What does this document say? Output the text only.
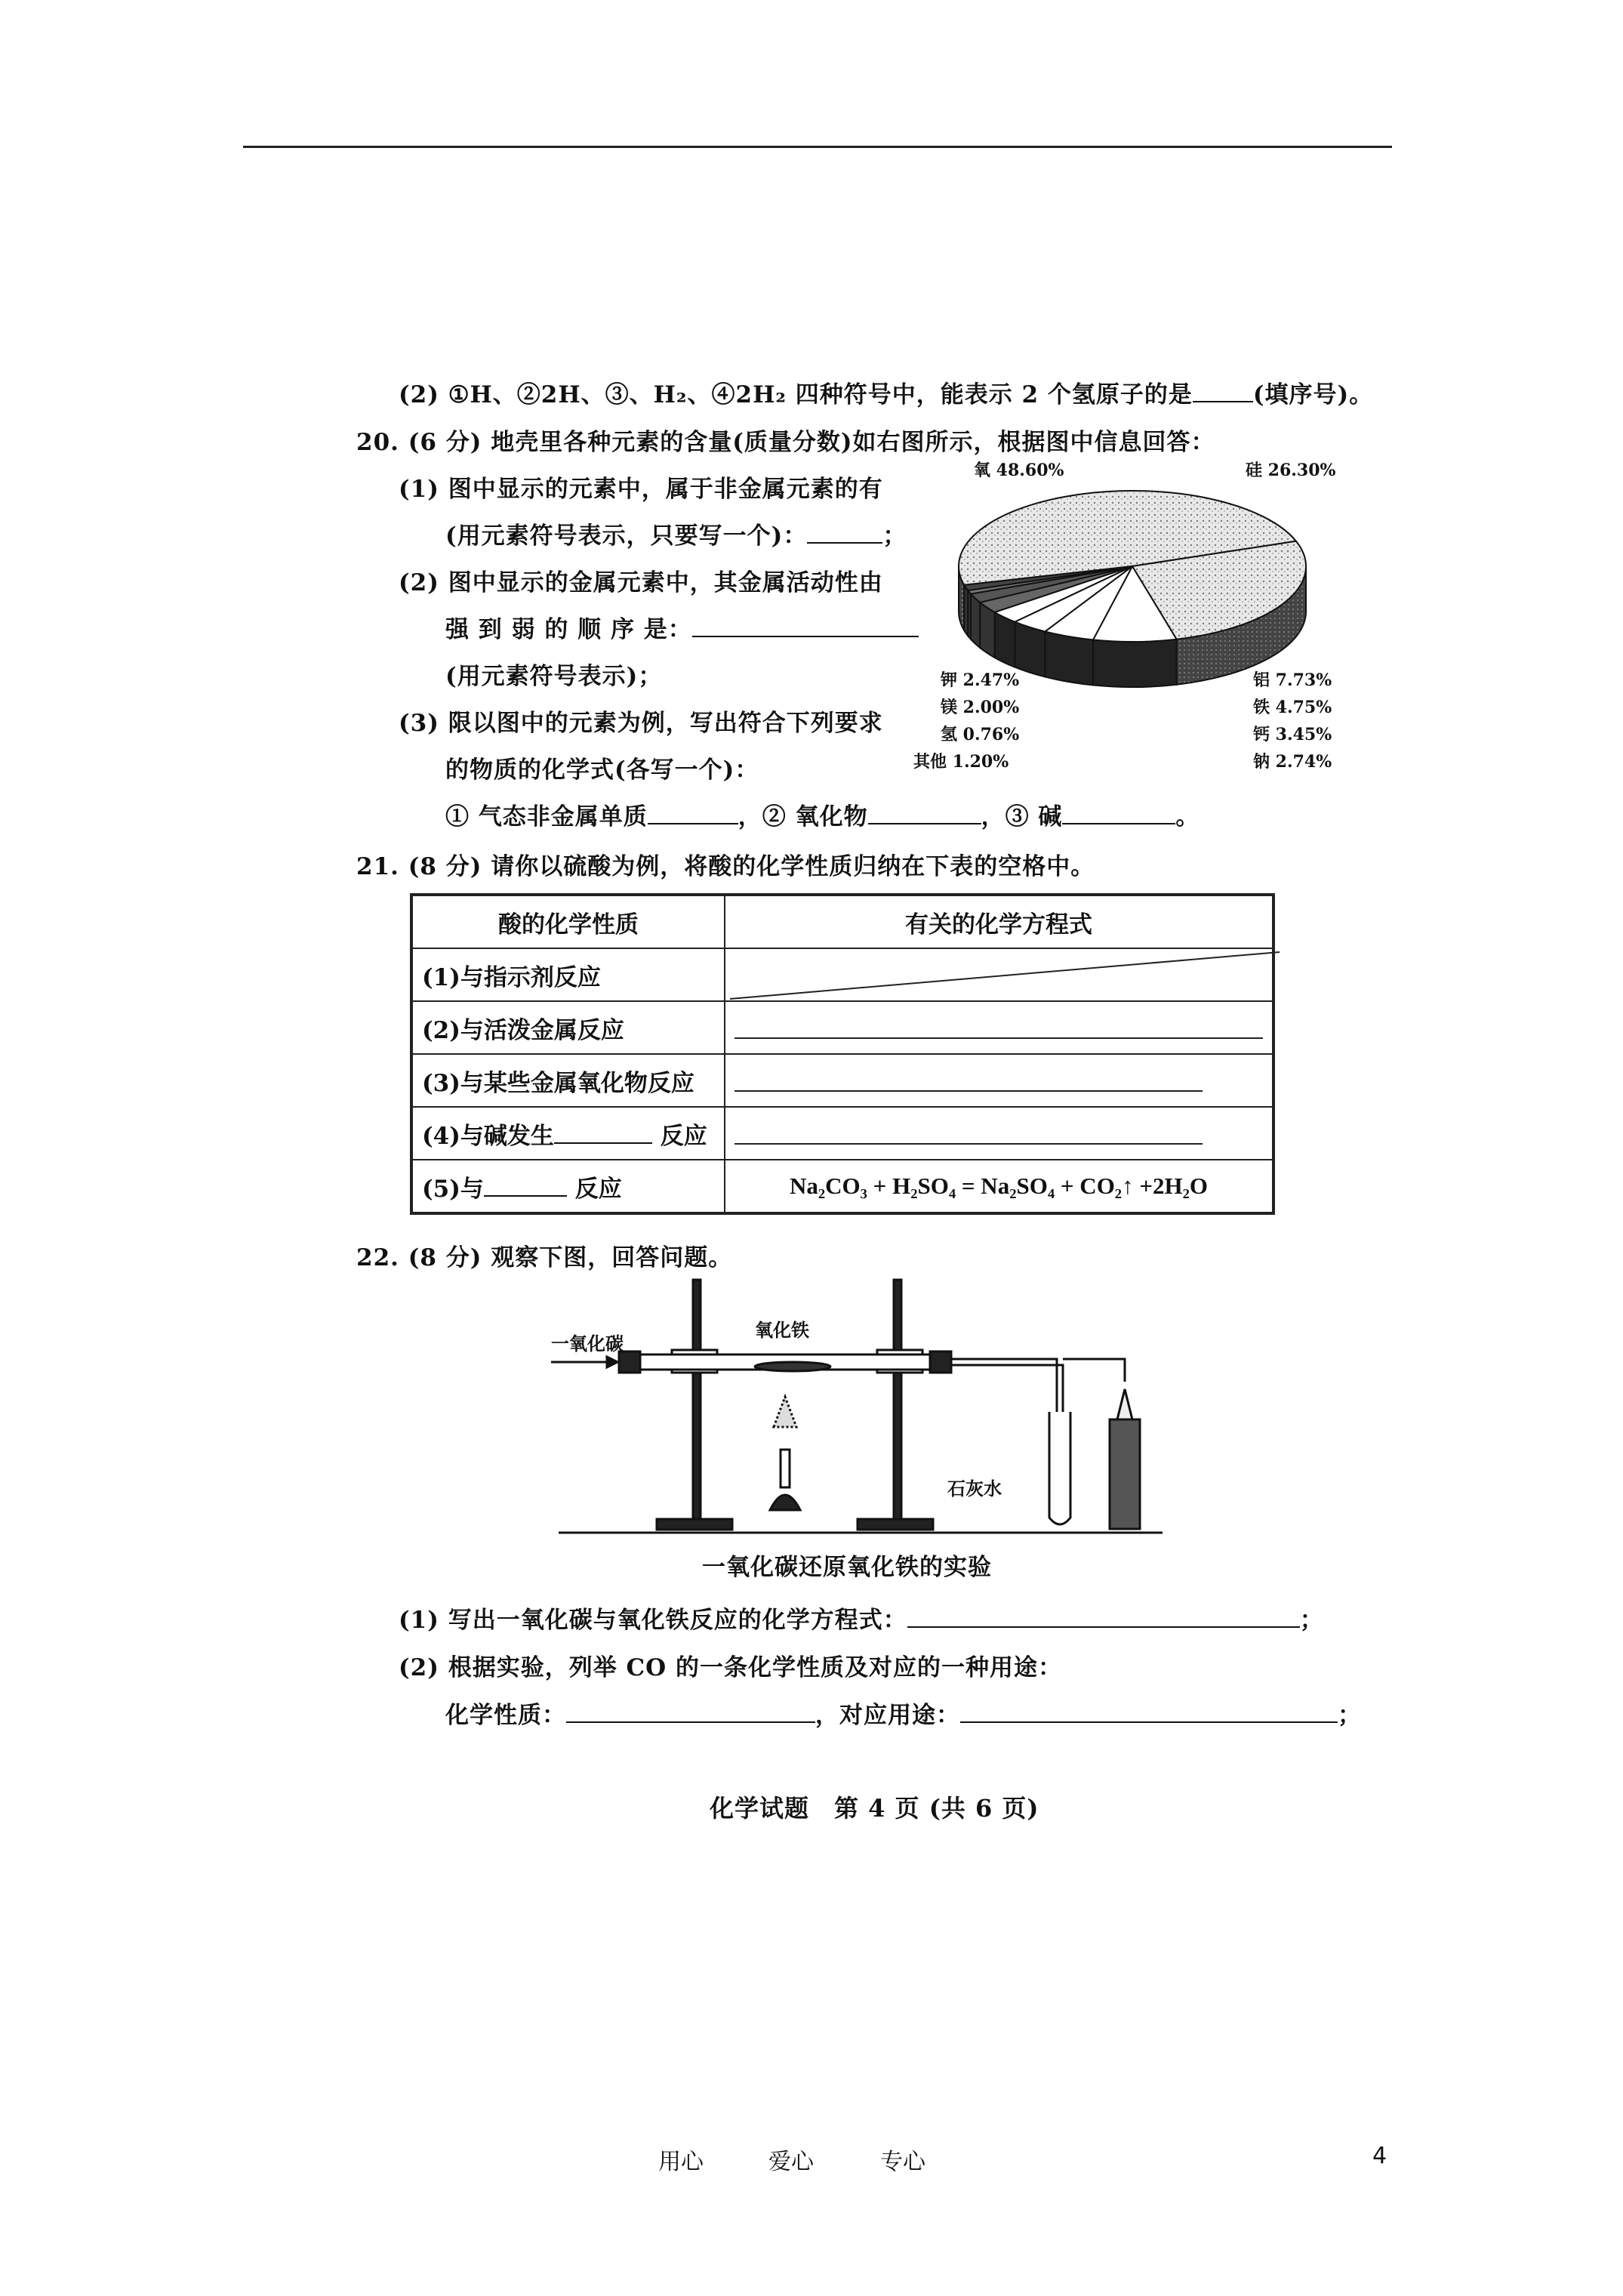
(2) ①H、②2H、③、H₂、④2H₂ 四种符号中，能表示 2 个氢原子的是	(填序号)。
20. (6 分) 地壳里各种元素的含量(质量分数)如右图所示，根据图中信息回答：
(1) 图中显示的元素中，属于非金属元素的有
(用元素符号表示，只要写一个)：	；
(2) 图中显示的金属元素中，其金属活动性由
强 到 弱 的 顺 序 是：
(用元素符号表示)；
(3) 限以图中的元素为例，写出符合下列要求
的物质的化学式(各写一个)：
① 气态非金属单质	，② 氧化物	，③ 碱	。
氧 48.60%	硅 26.30%
钾 2.47%
镁 2.00%
氢 0.76%
其他 1.20%
铝 7.73%
铁 4.75%
钙 3.45%
钠 2.74%
21. (8 分) 请你以硫酸为例，将酸的化学性质归纳在下表的空格中。
酸的化学性质	有关的化学方程式
(1)与指示剂反应	

(2)与活泼金属反应	

(3)与某些金属氧化物反应	

(4)与碱发生 反应	

(5)与 反应	Na₂CO₃ + H₂SO₄ = Na₂SO₄ + CO₂↑ +2H₂O
22. (8 分) 观察下图，回答问题。
一氧化碳
氧化铁
石灰水
一氧化碳还原氧化铁的实验
(1) 写出一氧化碳与氧化铁反应的化学方程式：	；
(2) 根据实验，列举 CO 的一条化学性质及对应的一种用途：
化学性质：	，对应用途：	；
化学试题　第 4 页 (共 6 页)
用心	爱心	专心	4
